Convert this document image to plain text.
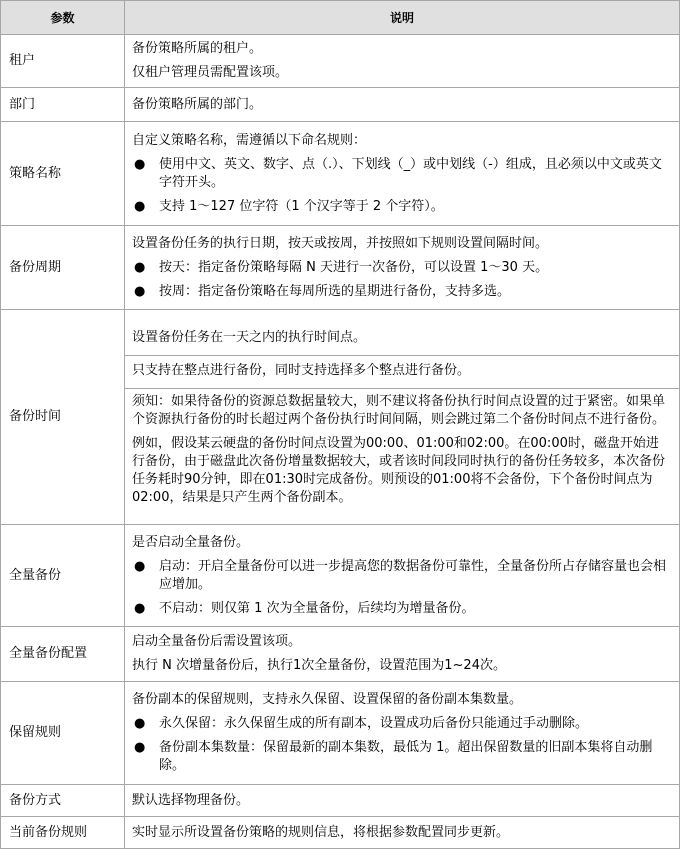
参数	说明
租户	备份策略所属的租户。

仅租户管理员需配置该项。

部门	备份策略所属的部门。

策略名称	自定义策略名称，需遵循以下命名规则：

● 使用中文、英文、数字、点（.）、下划线（_）或中划线（-）组成，且必须以中文或英文字符开头。
● 支持 1～127 位字符（1 个汉字等于 2 个字符）。

备份周期	设置备份任务的执行日期，按天或按周，并按照如下规则设置间隔时间。

● 按天：指定备份策略每隔 N 天进行一次备份，可以设置 1～30 天。
● 按周：指定备份策略在每周所选的星期进行备份，支持多选。

备份时间	设置备份任务在一天之内的执行时间点。

只支持在整点进行备份，同时支持选择多个整点进行备份。

须知：如果待备份的资源总数据量较大，则不建议将备份执行时间点设置的过于紧密。如果单个资源执行备份的时长超过两个备份执行时间间隔，则会跳过第二个备份时间点不进行备份。

例如，假设某云硬盘的备份时间点设置为00:00、01:00和02:00。在00:00时，磁盘开始进行备份，由于磁盘此次备份增量数据较大，或者该时间段同时执行的备份任务较多，本次备份任务耗时90分钟，即在01:30时完成备份。则预设的01:00将不会备份，下个备份时间点为02:00，结果是只产生两个备份副本。

全量备份	是否启动全量备份。

● 启动：开启全量备份可以进一步提高您的数据备份可靠性，全量备份所占存储容量也会相应增加。
● 不启动：则仅第 1 次为全量备份，后续均为增量备份。

全量备份配置	启动全量备份后需设置该项。

执行 N 次增量备份后，执行1次全量备份，设置范围为1~24次。

保留规则	备份副本的保留规则，支持永久保留、设置保留的备份副本集数量。

● 永久保留：永久保留生成的所有副本，设置成功后备份只能通过手动删除。
● 备份副本集数量：保留最新的副本集数，最低为 1。超出保留数量的旧副本集将自动删除。

备份方式	默认选择物理备份。

当前备份规则	实时显示所设置备份策略的规则信息，将根据参数配置同步更新。
